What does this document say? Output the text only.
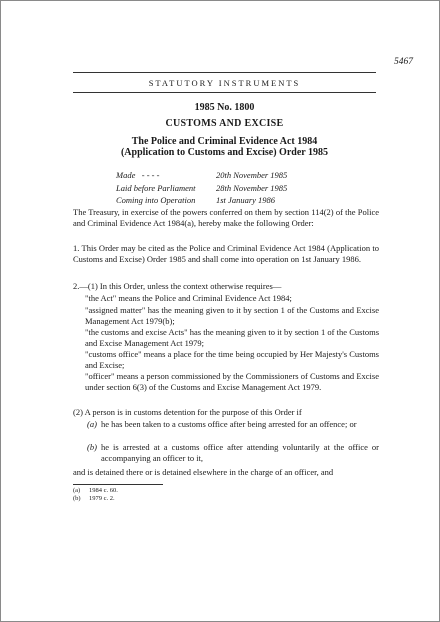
5467
STATUTORY INSTRUMENTS
1985 No. 1800
CUSTOMS AND EXCISE
The Police and Criminal Evidence Act 1984
(Application to Customs and Excise) Order 1985
Made - - - -	20th November 1985
Laid before Parliament	28th November 1985
Coming into Operation	1st January 1986
The Treasury, in exercise of the powers conferred on them by section 114(2) of the Police and Criminal Evidence Act 1984(a), hereby make the following Order:
1. This Order may be cited as the Police and Criminal Evidence Act 1984 (Application to Customs and Excise) Order 1985 and shall come into operation on 1st January 1986.
2.—(1) In this Order, unless the context otherwise requires—
"the Act" means the Police and Criminal Evidence Act 1984;
"assigned matter" has the meaning given to it by section 1 of the Customs and Excise Management Act 1979(b);
"the customs and excise Acts" has the meaning given to it by section 1 of the Customs and Excise Management Act 1979;
"customs office" means a place for the time being occupied by Her Majesty's Customs and Excise;
"officer" means a person commissioned by the Commissioners of Customs and Excise under section 6(3) of the Customs and Excise Management Act 1979.
(2) A person is in customs detention for the purpose of this Order if
(a) he has been taken to a customs office after being arrested for an offence; or
(b) he is arrested at a customs office after attending voluntarily at the office or accompanying an officer to it,
and is detained there or is detained elsewhere in the charge of an officer, and
(a) 1984 c. 60.
(b) 1979 c. 2.
